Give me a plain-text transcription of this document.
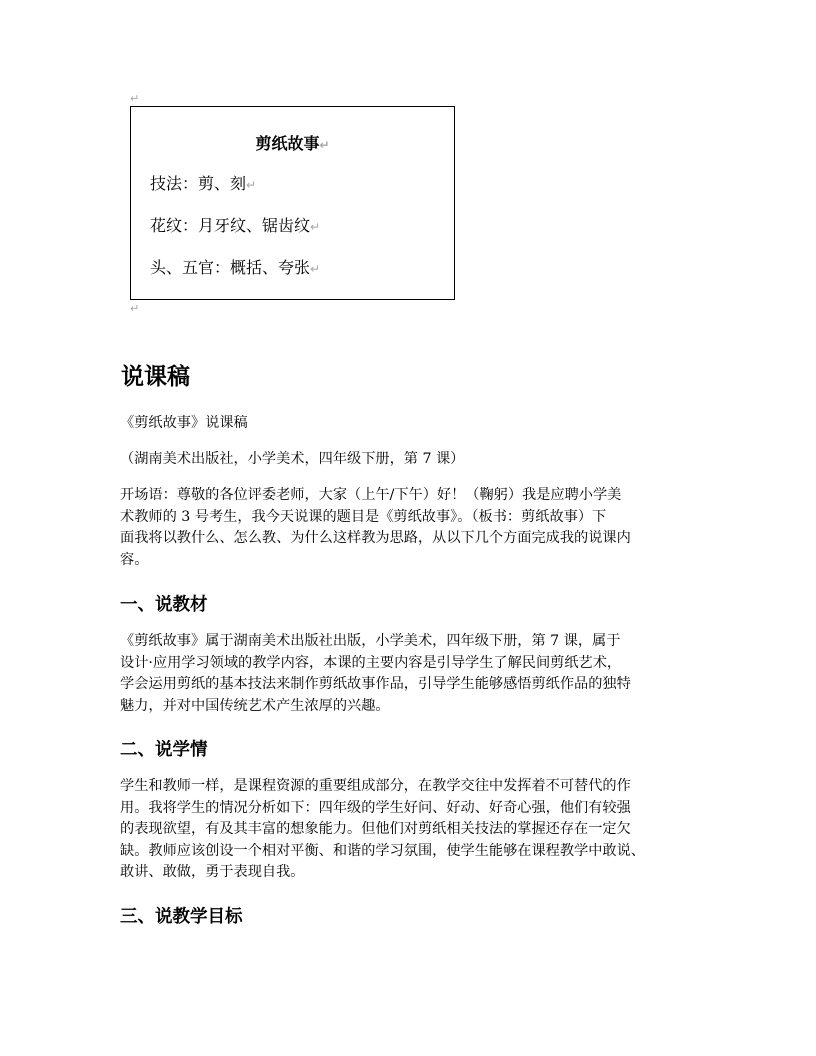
↵
剪纸故事↵
技法：剪、刻↵
花纹：月牙纹、锯齿纹↵
头、五官：概括、夸张↵
↵
说课稿

《剪纸故事》说课稿

（湖南美术出版社，小学美术，四年级下册，第 7 课）

开场语：尊敬的各位评委老师，大家（上午/下午）好！（鞠躬）我是应聘小学美
术教师的 3 号考生，我今天说课的题目是《剪纸故事》。（板书：剪纸故事）下
面我将以教什么、怎么教、为什么这样教为思路，从以下几个方面完成我的说课内
容。

一、说教材

《剪纸故事》属于湖南美术出版社出版，小学美术，四年级下册，第 7 课，属于
设计·应用学习领域的教学内容，本课的主要内容是引导学生了解民间剪纸艺术，
学会运用剪纸的基本技法来制作剪纸故事作品，引导学生能够感悟剪纸作品的独特
魅力，并对中国传统艺术产生浓厚的兴趣。

二、说学情

学生和教师一样，是课程资源的重要组成部分，在教学交往中发挥着不可替代的作
用。我将学生的情况分析如下：四年级的学生好问、好动、好奇心强，他们有较强
的表现欲望，有及其丰富的想象能力。但他们对剪纸相关技法的掌握还存在一定欠
缺。教师应该创设一个相对平衡、和谐的学习氛围，使学生能够在课程教学中敢说、
敢讲、敢做，勇于表现自我。

三、说教学目标
